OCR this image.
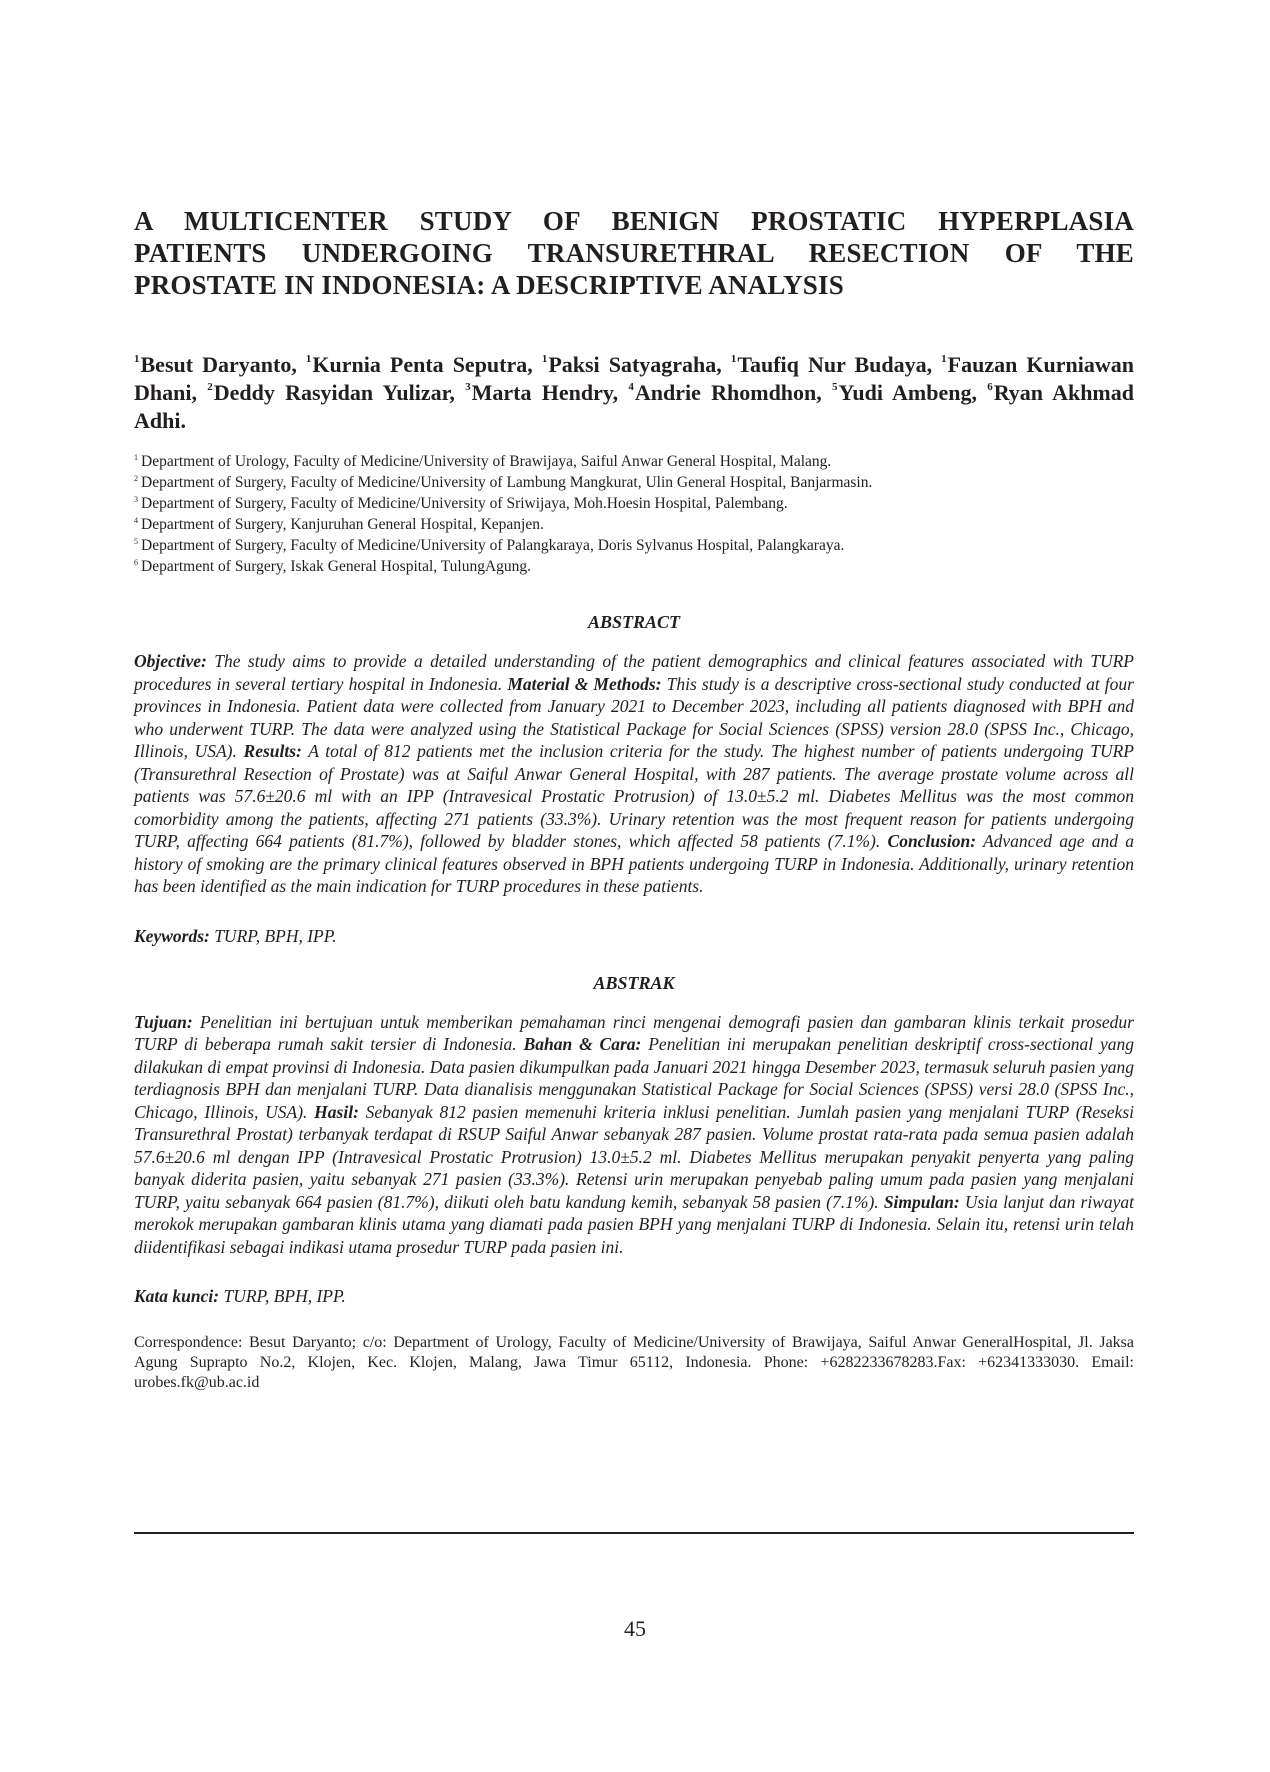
A MULTICENTER STUDY OF BENIGN PROSTATIC HYPERPLASIA
PATIENTS UNDERGOING TRANSURETHRAL RESECTION OF THE
PROSTATE IN INDONESIA: A DESCRIPTIVE ANALYSIS
$^1$Besut Daryanto, $^1$Kurnia Penta Seputra, $^1$Paksi Satyagraha, $^1$Taufiq Nur Budaya, $^1$Fauzan Kurniawan Dhani, $^2$Deddy Rasyidan Yulizar, $^3$Marta Hendry, $^4$Andrie Rhomdhon, $^5$Yudi Ambeng, $^6$Ryan Akhmad Adhi.
$^1$ Department of Urology, Faculty of Medicine/University of Brawijaya, Saiful Anwar General Hospital, Malang.
$^2$ Department of Surgery, Faculty of Medicine/University of Lambung Mangkurat, Ulin General Hospital, Banjarmasin.
$^3$ Department of Surgery, Faculty of Medicine/University of Sriwijaya, Moh.Hoesin Hospital, Palembang.
$^4$ Department of Surgery, Kanjuruhan General Hospital, Kepanjen.
$^5$ Department of Surgery, Faculty of Medicine/University of Palangkaraya, Doris Sylvanus Hospital, Palangkaraya.
$^6$ Department of Surgery, Iskak General Hospital, TulungAgung.
ABSTRACT

Objective: The study aims to provide a detailed understanding of the patient demographics and clinical features associated with TURP procedures in several tertiary hospital in Indonesia. Material & Methods: This study is a descriptive cross-sectional study conducted at four provinces in Indonesia. Patient data were collected from January 2021 to December 2023, including all patients diagnosed with BPH and who underwent TURP. The data were analyzed using the Statistical Package for Social Sciences (SPSS) version 28.0 (SPSS Inc., Chicago, Illinois, USA). Results: A total of 812 patients met the inclusion criteria for the study. The highest number of patients undergoing TURP (Transurethral Resection of Prostate) was at Saiful Anwar General Hospital, with 287 patients. The average prostate volume across all patients was 57.6±20.6 ml with an IPP (Intravesical Prostatic Protrusion) of 13.0±5.2 ml. Diabetes Mellitus was the most common comorbidity among the patients, affecting 271 patients (33.3%). Urinary retention was the most frequent reason for patients undergoing TURP, affecting 664 patients (81.7%), followed by bladder stones, which affected 58 patients (7.1%). Conclusion: Advanced age and a history of smoking are the primary clinical features observed in BPH patients undergoing TURP in Indonesia. Additionally, urinary retention has been identified as the main indication for TURP procedures in these patients.

Keywords: TURP, BPH, IPP.
ABSTRAK

Tujuan: Penelitian ini bertujuan untuk memberikan pemahaman rinci mengenai demografi pasien dan gambaran klinis terkait prosedur TURP di beberapa rumah sakit tersier di Indonesia. Bahan & Cara: Penelitian ini merupakan penelitian deskriptif cross-sectional yang dilakukan di empat provinsi di Indonesia. Data pasien dikumpulkan pada Januari 2021 hingga Desember 2023, termasuk seluruh pasien yang terdiagnosis BPH dan menjalani TURP. Data dianalisis menggunakan Statistical Package for Social Sciences (SPSS) versi 28.0 (SPSS Inc., Chicago, Illinois, USA). Hasil: Sebanyak 812 pasien memenuhi kriteria inklusi penelitian. Jumlah pasien yang menjalani TURP (Reseksi Transurethral Prostat) terbanyak terdapat di RSUP Saiful Anwar sebanyak 287 pasien. Volume prostat rata-rata pada semua pasien adalah 57.6±20.6 ml dengan IPP (Intravesical Prostatic Protrusion) 13.0±5.2 ml. Diabetes Mellitus merupakan penyakit penyerta yang paling banyak diderita pasien, yaitu sebanyak 271 pasien (33.3%). Retensi urin merupakan penyebab paling umum pada pasien yang menjalani TURP, yaitu sebanyak 664 pasien (81.7%), diikuti oleh batu kandung kemih, sebanyak 58 pasien (7.1%). Simpulan: Usia lanjut dan riwayat merokok merupakan gambaran klinis utama yang diamati pada pasien BPH yang menjalani TURP di Indonesia. Selain itu, retensi urin telah diidentifikasi sebagai indikasi utama prosedur TURP pada pasien ini.

Kata kunci: TURP, BPH, IPP.

Correspondence: Besut Daryanto; c/o: Department of Urology, Faculty of Medicine/University of Brawijaya, Saiful Anwar GeneralHospital, Jl. Jaksa Agung Suprapto No.2, Klojen, Kec. Klojen, Malang, Jawa Timur 65112, Indonesia. Phone: +6282233678283.Fax: +62341333030. Email: urobes.fk@ub.ac.id

45
